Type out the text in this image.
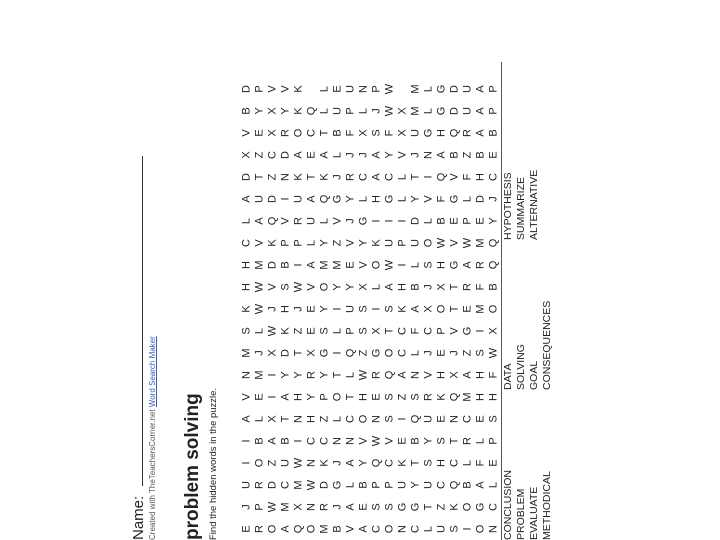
Name: Created with TheTeachersCorner.net Word Search Maker
problem solving Find the hidden words in the puzzle. E
J
U
I
I
A
V
N
M
S
K
H
H
C
L
A
D
X
V
B
D
R
P
R
O
B
L
E
M
J
L
W
W
M
V
A
U
T
Z
E
Y
P
O
W
D
Z
A
X
I
I
X
W
J
V
D
K
Q
D
Z
C
X
X
V
A
M
C
U
B
T
A
Y
D
K
H
S
B
P
V
I
N
D
R
Y
V
Q
X
M
W
I
N
H
Y
T
Z
J
W
I
P
R
U
K
A
O
K
K
O
N
W
N
C
H
Y
R
X
E
E
V
A
L
U
A
T
E
C
Q
M
R
D
K
C
Z
P
Y
G
S
Y
O
M
Y
L
Q
K
A
T
L
L
B
J
G
J
N
L
O
T
I
L
I
Y
M
Z
V
G
J
L
B
U
E
V
A
L
A
N
C
T
L
Q
P
U
Y
E
V
J
Y
R
J
F
P
U
A
E
B
Y
V
O
H
W
Z
S
S
X
V
Y
G
L
C
J
X
L
N
C
S
P
Q
W
N
E
R
G
X
I
L
O
K
I
H
A
A
S
J
P
O
S
P
C
V
S
S
Q
O
T
S
A
W
U
I
G
C
Y
F
W
W
N
G
U
K
E
I
Z
A
C
C
K
H
I
P
I
L
L
V
X
X
C
G
Y
T
B
Q
S
N
L
F
A
B
L
U
D
Y
T
J
U
M
M
L
T
U
S
Y
U
R
V
J
C
X
J
S
O
L
V
I
N
G
L
L
U
Z
C
H
S
E
K
H
E
P
O
X
H
W
B
F
Q
A
H
G
G
S
K
Q
C
T
N
Q
X
J
V
T
T
G
V
E
G
V
B
Q
D
D
I
O
B
L
R
C
M
A
Z
G
E
R
A
W
P
L
F
Z
R
U
U
O
G
A
F
L
E
H
H
S
I
M
F
R
M
E
D
H
B
A
A
A
N
C
L
E
P
S
H
F
W
X
O
B
Q
Q
Y
J
C
E
B
P
P
CONCLUSION PROBLEM EVALUATE METHODICAL
DATA SOLVING GOAL CONSEQUENCES
HYPOTHESIS SUMMARIZE ALTERNATIVE
